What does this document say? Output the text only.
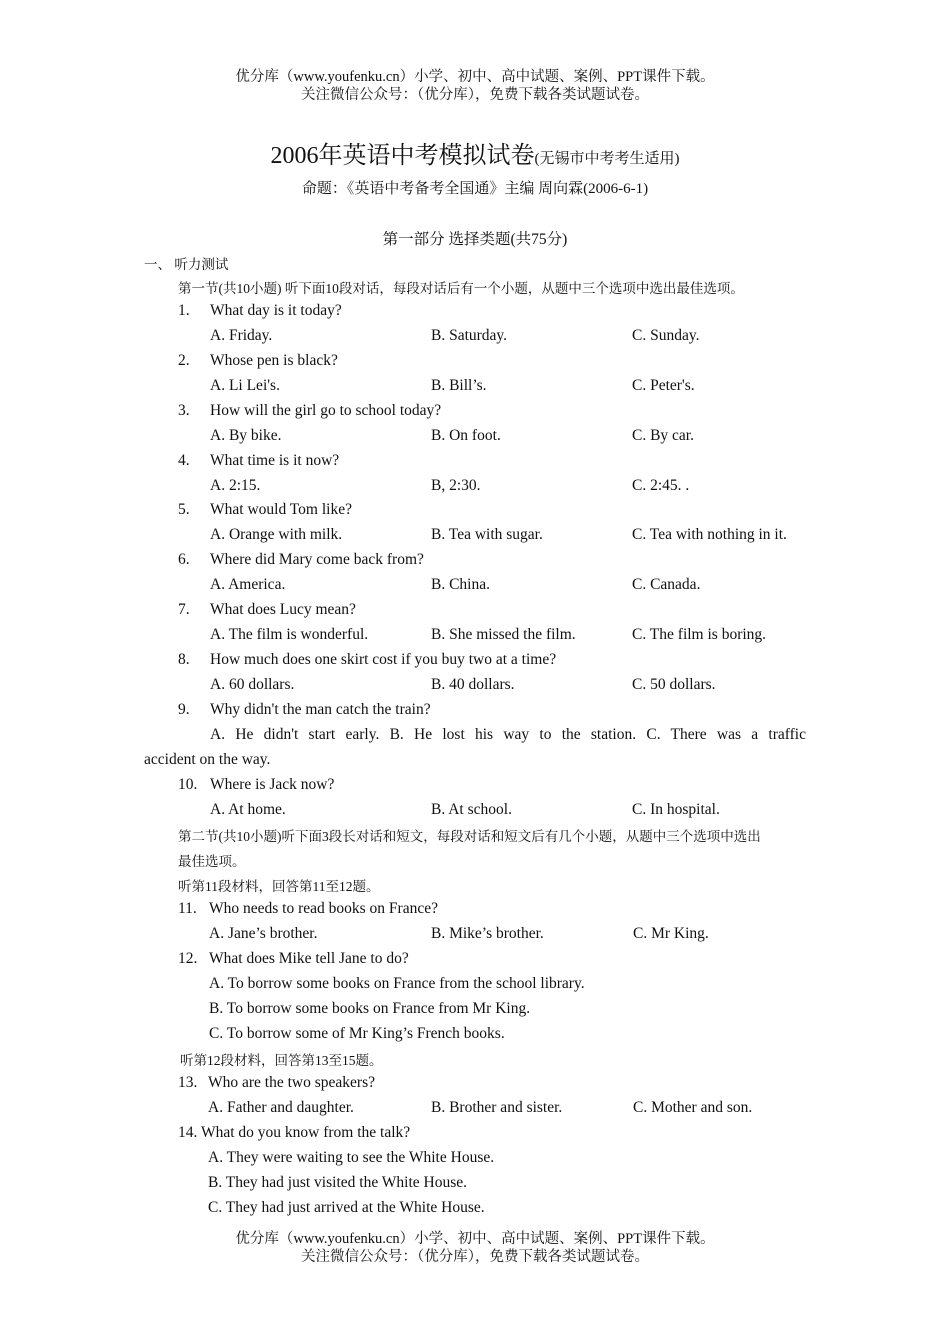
优分库（www.youfenku.cn）小学、初中、高中试题、案例、PPT课件下载。
关注微信公众号：（优分库），免费下载各类试题试卷。
2006年英语中考模拟试卷(无锡市中考考生适用)
命题：《英语中考备考全国通》主编 周向霖(2006-6-1)
第一部分 选择类题(共75分)
一、 听力测试
第一节(共10小题) 听下面10段对话，每段对话后有一个小题，从题中三个选项中选出最佳选项。
1. What day is it today?
A. Friday.	B. Saturday.	C. Sunday.
2. Whose pen is black?
A. Li Lei's.	B. Bill’s.	C. Peter's.
3. How will the girl go to school today?
A. By bike.	B. On foot.	C. By car.
4. What time is it now?
A. 2:15.	B, 2:30.	C. 2:45. .
5. What would Tom like?
A. Orange with milk.	B. Tea with sugar.	C. Tea with nothing in it.
6. Where did Mary come back from?
A. America.	B. China.	C. Canada.
7. What does Lucy mean?
A. The film is wonderful.	B. She missed the film.	C. The film is boring.
8. How much does one skirt cost if you buy two at a time?
A. 60 dollars.	B. 40 dollars.	C. 50 dollars.
9. Why didn't the man catch the train?
A. He didn't start early. B. He lost his way to the station. C. There was a traffic
accident on the way.
10. Where is Jack now?
A. At home.	B. At school.	C. In hospital.
第二节(共10小题)听下面3段长对话和短文，每段对话和短文后有几个小题，从题中三个选项中选出
最佳选项。
听第11段材料，回答第11至12题。
11. Who needs to read books on France?
A. Jane’s brother.	B. Mike’s brother.	C. Mr King.
12. What does Mike tell Jane to do?
A. To borrow some books on France from the school library.
B. To borrow some books on France from Mr King.
C. To borrow some of Mr King’s French books.
听第12段材料，回答第13至15题。
13. Who are the two speakers?
A. Father and daughter.	B. Brother and sister.	C. Mother and son.
14. What do you know from the talk?
A. They were waiting to see the White House.
B. They had just visited the White House.
C. They had just arrived at the White House.
优分库（www.youfenku.cn）小学、初中、高中试题、案例、PPT课件下载。
关注微信公众号：（优分库），免费下载各类试题试卷。
